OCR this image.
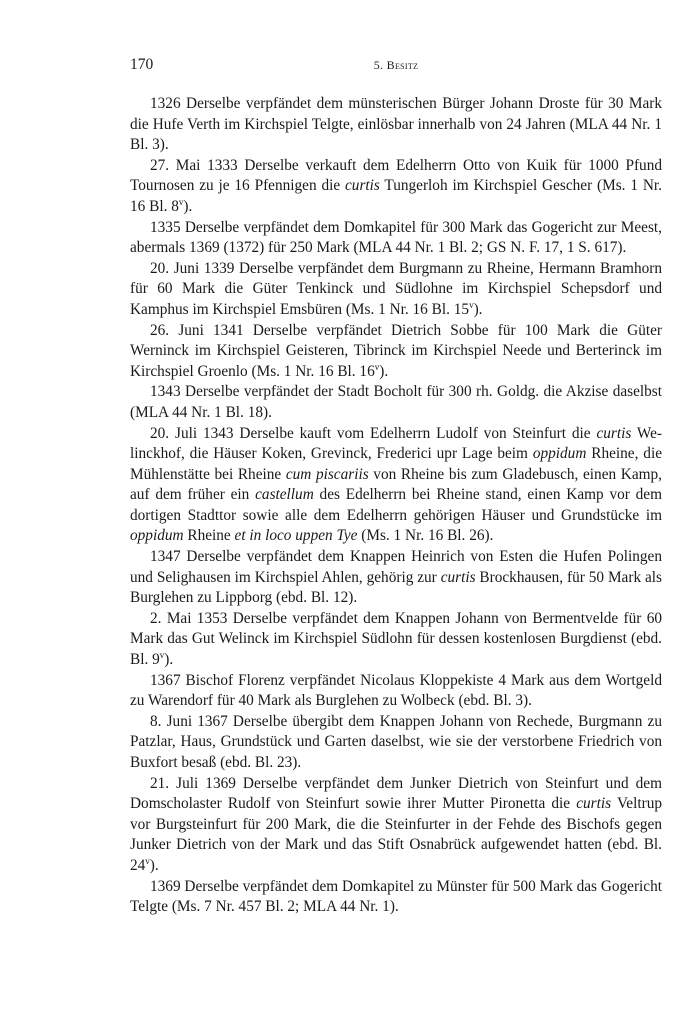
170	5. Besitz

1326 Derselbe verpfändet dem münsterischen Bürger Johann Droste für 30 Mark die Hufe Verth im Kirchspiel Telgte, einlösbar innerhalb von 24 Jahren (MLA 44 Nr. 1 Bl. 3).

27. Mai 1333 Derselbe verkauft dem Edelherrn Otto von Kuik für 1000 Pfund Tournosen zu je 16 Pfennigen die curtis Tungerloh im Kirchspiel Gescher (Ms. 1 Nr. 16 Bl. 8$^v$).

1335 Derselbe verpfändet dem Domkapitel für 300 Mark das Gogericht zur Meest, abermals 1369 (1372) für 250 Mark (MLA 44 Nr. 1 Bl. 2; GS N. F. 17, 1 S. 617).

20. Juni 1339 Derselbe verpfändet dem Burgmann zu Rheine, Hermann Bramhorn für 60 Mark die Güter Tenkinck und Südlohne im Kirchspiel Schepsdorf und Kamphus im Kirchspiel Emsbüren (Ms. 1 Nr. 16 Bl. 15$^v$).

26. Juni 1341 Derselbe verpfändet Dietrich Sobbe für 100 Mark die Güter Werninck im Kirchspiel Geisteren, Tibrinck im Kirchspiel Neede und Berterinck im Kirchspiel Groenlo (Ms. 1 Nr. 16 Bl. 16$^v$).

1343 Derselbe verpfändet der Stadt Bocholt für 300 rh. Goldg. die Akzise daselbst (MLA 44 Nr. 1 Bl. 18).

20. Juli 1343 Derselbe kauft vom Edelherrn Ludolf von Steinfurt die curtis Welinckhof, die Häuser Koken, Grevinck, Frederici upr Lage beim oppidum Rheine, die Mühlenstätte bei Rheine cum piscariis von Rheine bis zum Gladebusch, einen Kamp, auf dem früher ein castellum des Edelherrn bei Rheine stand, einen Kamp vor dem dortigen Stadttor sowie alle dem Edelherrn gehörigen Häuser und Grundstücke im oppidum Rheine et in loco uppen Tye (Ms. 1 Nr. 16 Bl. 26).

1347 Derselbe verpfändet dem Knappen Heinrich von Esten die Hufen Polingen und Selighausen im Kirchspiel Ahlen, gehörig zur curtis Brockhausen, für 50 Mark als Burglehen zu Lippborg (ebd. Bl. 12).

2. Mai 1353 Derselbe verpfändet dem Knappen Johann von Bermentvelde für 60 Mark das Gut Welinck im Kirchspiel Südlohn für dessen kostenlosen Burgdienst (ebd. Bl. 9$^v$).

1367 Bischof Florenz verpfändet Nicolaus Kloppekiste 4 Mark aus dem Wortgeld zu Warendorf für 40 Mark als Burglehen zu Wolbeck (ebd. Bl. 3).

8. Juni 1367 Derselbe übergibt dem Knappen Johann von Rechede, Burgmann zu Patzlar, Haus, Grundstück und Garten daselbst, wie sie der verstorbene Friedrich von Buxfort besaß (ebd. Bl. 23).

21. Juli 1369 Derselbe verpfändet dem Junker Dietrich von Steinfurt und dem Domscholaster Rudolf von Steinfurt sowie ihrer Mutter Pironetta die curtis Veltrup vor Burgsteinfurt für 200 Mark, die die Steinfurter in der Fehde des Bischofs gegen Junker Dietrich von der Mark und das Stift Osnabrück aufgewendet hatten (ebd. Bl. 24$^v$).

1369 Derselbe verpfändet dem Domkapitel zu Münster für 500 Mark das Gogericht Telgte (Ms. 7 Nr. 457 Bl. 2; MLA 44 Nr. 1).
